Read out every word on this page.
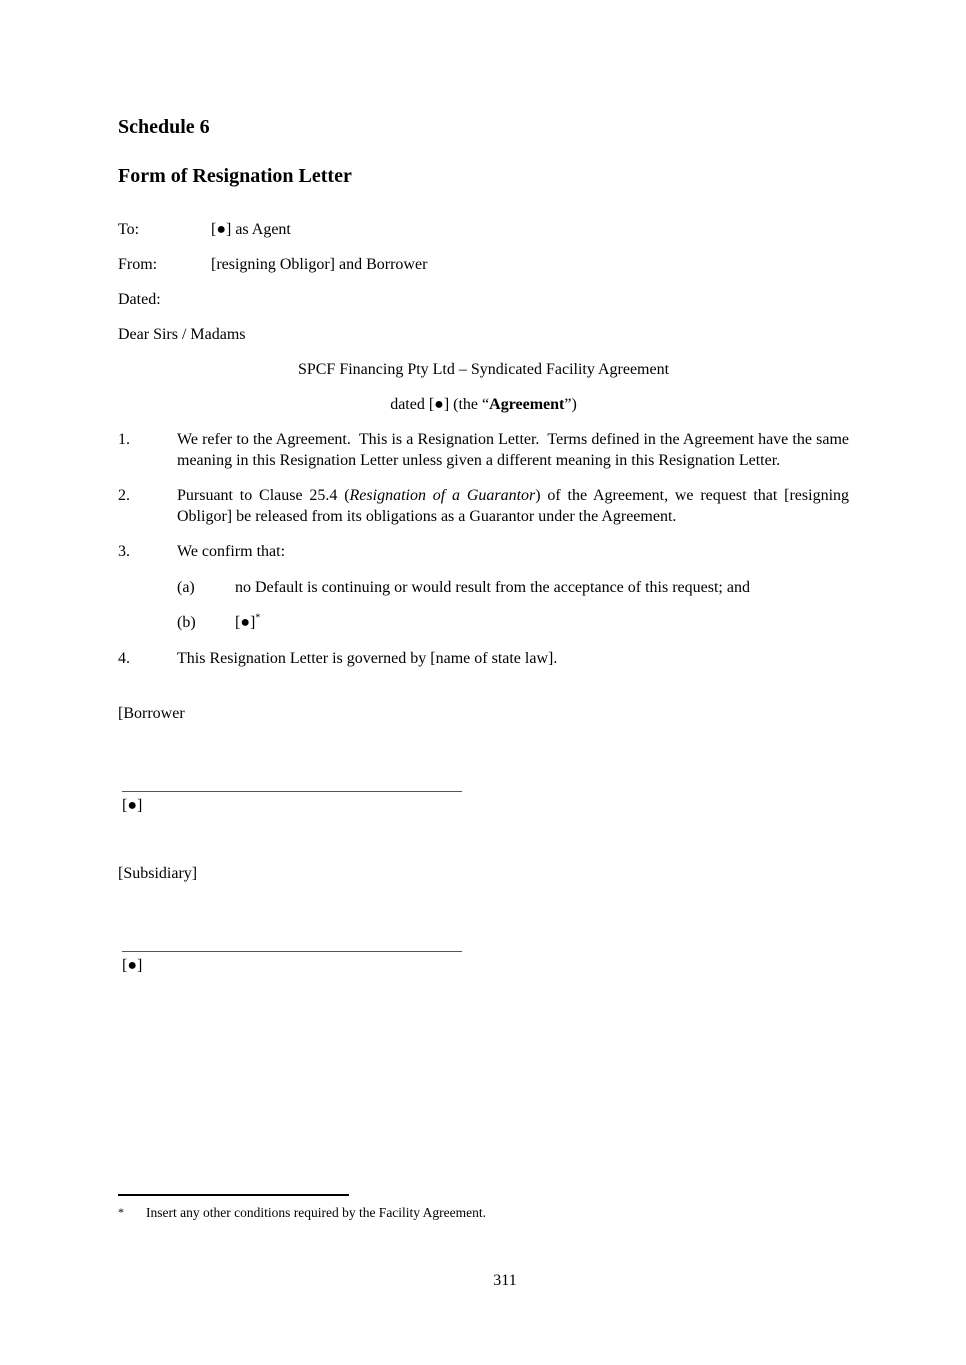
Schedule 6
Form of Resignation Letter
To:	[●] as Agent
From:	[resigning Obligor] and Borrower
Dated:

Dear Sirs / Madams

SPCF Financing Pty Ltd – Syndicated Facility Agreement

dated [●] (the “Agreement”)

1.	We refer to the Agreement.  This is a Resignation Letter.  Terms defined in the Agreement have the same meaning in this Resignation Letter unless given a different meaning in this Resignation Letter.

2.	Pursuant to Clause 25.4 (Resignation of a Guarantor) of the Agreement, we request that [resigning Obligor] be released from its obligations as a Guarantor under the Agreement.

3.	We confirm that:

(a)	no Default is continuing or would result from the acceptance of this request; and

(b)	[●]*

4.	This Resignation Letter is governed by [name of state law].

[Borrower
[●]
[Subsidiary]
[●]
*	Insert any other conditions required by the Facility Agreement.
311
